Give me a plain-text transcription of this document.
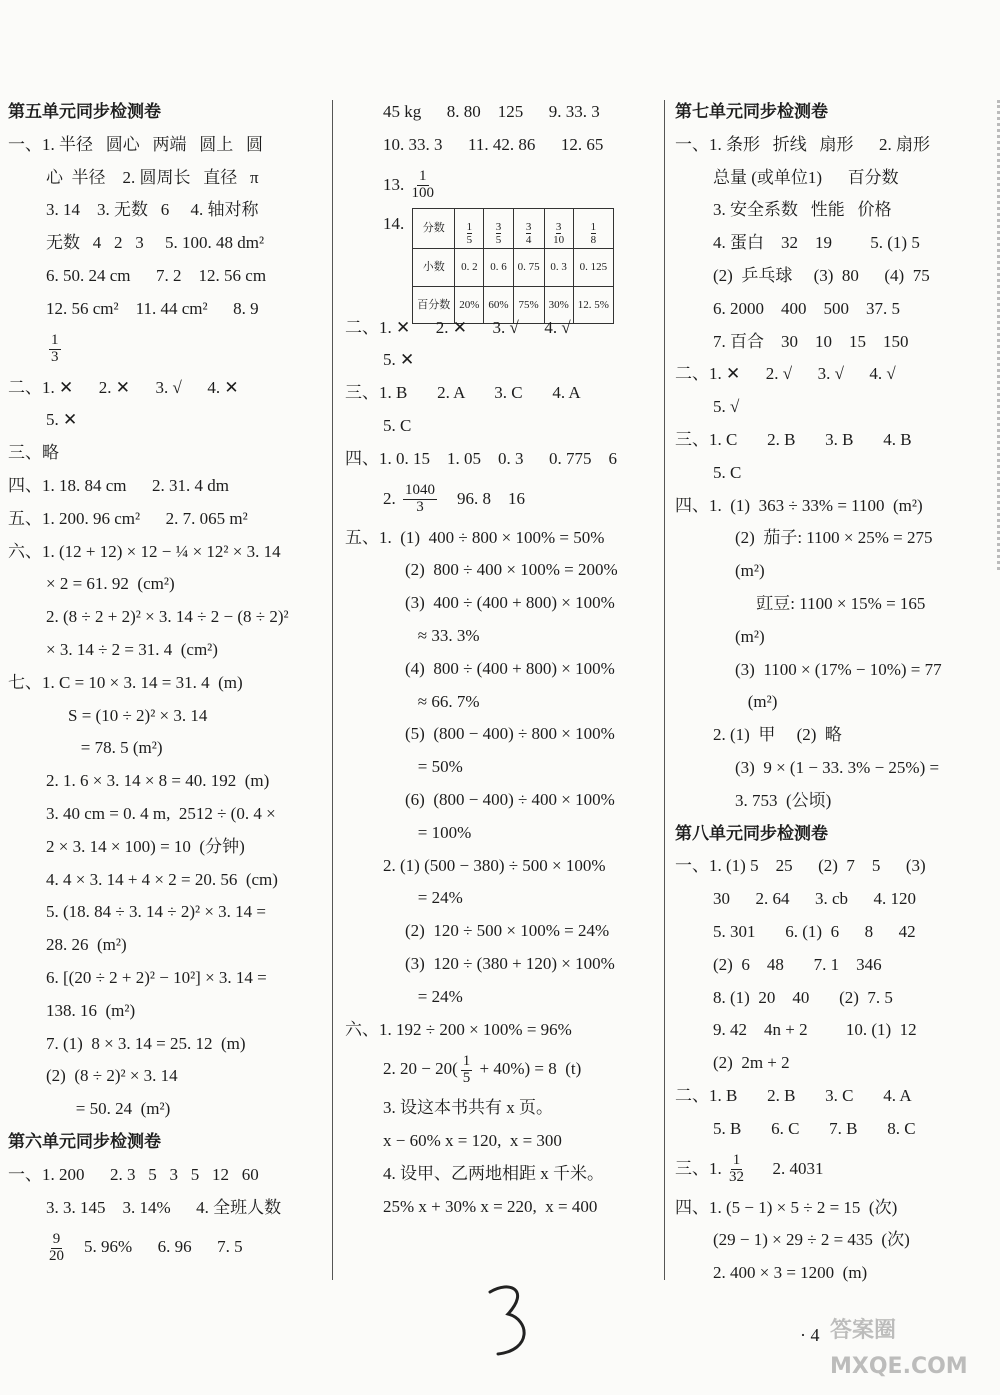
第五单元同步检测卷
一、1. 半径   圆心   两端   圆上   圆
心  半径    2. 圆周长   直径   π
3. 14    3. 无数   6     4. 轴对称
无数   4   2   3     5. 100. 48 dm²
6. 50. 24 cm      7. 2    12. 56 cm
12. 56 cm²    11. 44 cm²      8. 9
$\frac{1}{3}$
二、1. ✕      2. ✕      3. √      4. ✕
5. ✕
三、略
四、1. 18. 84 cm      2. 31. 4 dm
五、1. 200. 96 cm²      2. 7. 065 m²
六、1. (12 + 12) × 12 − ¼ × 12² × 3. 14
× 2 = 61. 92  (cm²)
2. (8 ÷ 2 + 2)² × 3. 14 ÷ 2 − (8 ÷ 2)²
× 3. 14 ÷ 2 = 31. 4  (cm²)
七、1. C = 10 × 3. 14 = 31. 4  (m)
S = (10 ÷ 2)² × 3. 14
= 78. 5 (m²)
2. 1. 6 × 3. 14 × 8 = 40. 192  (m)
3. 40 cm = 0. 4 m,  2512 ÷ (0. 4 ×
2 × 3. 14 × 100) = 10  (分钟)
4. 4 × 3. 14 + 4 × 2 = 20. 56  (cm)
5. (18. 84 ÷ 3. 14 ÷ 2)² × 3. 14 =
28. 26  (m²)
6. [(20 ÷ 2 + 2)² − 10²] × 3. 14 =
138. 16  (m²)
7. (1)  8 × 3. 14 = 25. 12  (m)
(2)  (8 ÷ 2)² × 3. 14
= 50. 24  (m²)
第六单元同步检测卷
一、1. 200      2. 3   5   3   5   12   60
3. 3. 145    3. 14%      4. 全班人数
$\frac{9}{20} 5$. 96%      6. 96      7. 5
45 kg      8. 80    125      9. 33. 3
10. 33. 3      11. 42. 86      12. 65
13. $\frac{1}{100}$
14. 分数	$\frac{1}{5}$	$\frac{3}{5}$	$\frac{3}{4}$	$\frac{3}{10}$	$\frac{1}{8}$

小数	0. 2	0. 6	0. 75	0. 3	0. 125
百分数	20%	60%	75%	30%	12. 5%
二、1. ✕      2. ✕      3. √      4. √
5. ✕
三、1. B       2. A       3. C       4. A
5. C
四、1. 0. 15    1. 05    0. 3      0. 775    6
2. $\frac{1040}{3} 96$. 8    16
五、1.  (1)  400 ÷ 800 × 100% = 50%
(2)  800 ÷ 400 × 100% = 200%
(3)  400 ÷ (400 + 800) × 100%
≈ 33. 3%
(4)  800 ÷ (400 + 800) × 100%
≈ 66. 7%
(5)  (800 − 400) ÷ 800 × 100%
= 50%
(6)  (800 − 400) ÷ 400 × 100%
= 100%
2. (1) (500 − 380) ÷ 500 × 100%
= 24%
(2)  120 ÷ 500 × 100% = 24%
(3)  120 ÷ (380 + 120) × 100%
= 24%
六、1. 192 ÷ 200 × 100% = 96%
2. $20 - 20( \frac{1}{5} + 40\%) = 8$  (t)
3. 设这本书共有 x 页。
x − 60% x = 120,  x = 300
4. 设甲、乙两地相距 x 千米。
25% x + 30% x = 220,  x = 400
第七单元同步检测卷
一、1. 条形   折线   扇形      2. 扇形
总量 (或单位1)      百分数
3. 安全系数   性能   价格
4. 蛋白    32    19         5. (1) 5
(2)  乒乓球     (3)  80      (4)  75
6. 2000    400    500    37. 5
7. 百合    30    10    15    150
二、1. ✕      2. √      3. √      4. √
5. √
三、1. C       2. B       3. B       4. B
5. C
四、1.  (1)  363 ÷ 33% = 1100  (m²)
(2)  茄子: 1100 × 25% = 275
(m²)
豇豆: 1100 × 15% = 165
(m²)
(3)  1100 × (17% − 10%) = 77
(m²)
2. (1)  甲     (2)  略
(3)  9 × (1 − 33. 3% − 25%) =
3. 753  (公顷)
第八单元同步检测卷
一、1. (1) 5    25      (2)  7    5      (3)
30      2. 64      3. cb      4. 120
5. 301       6. (1)  6      8      42
(2)  6    48       7. 1    346
8. (1)  20    40       (2)  7. 5
9. 42    4n + 2         10. (1)  12
(2)  2m + 2
二、1. B       2. B       3. C       4. A
5. B       6. C       7. B       8. C
三、1. $\frac{1}{32} 2$. 4031
四、1. (5 − 1) × 5 ÷ 2 = 15  (次)
(29 − 1) × 29 ÷ 2 = 435  (次)
2. 400 × 3 = 1200  (m)
· 4 答案圈
MXQE.COM
